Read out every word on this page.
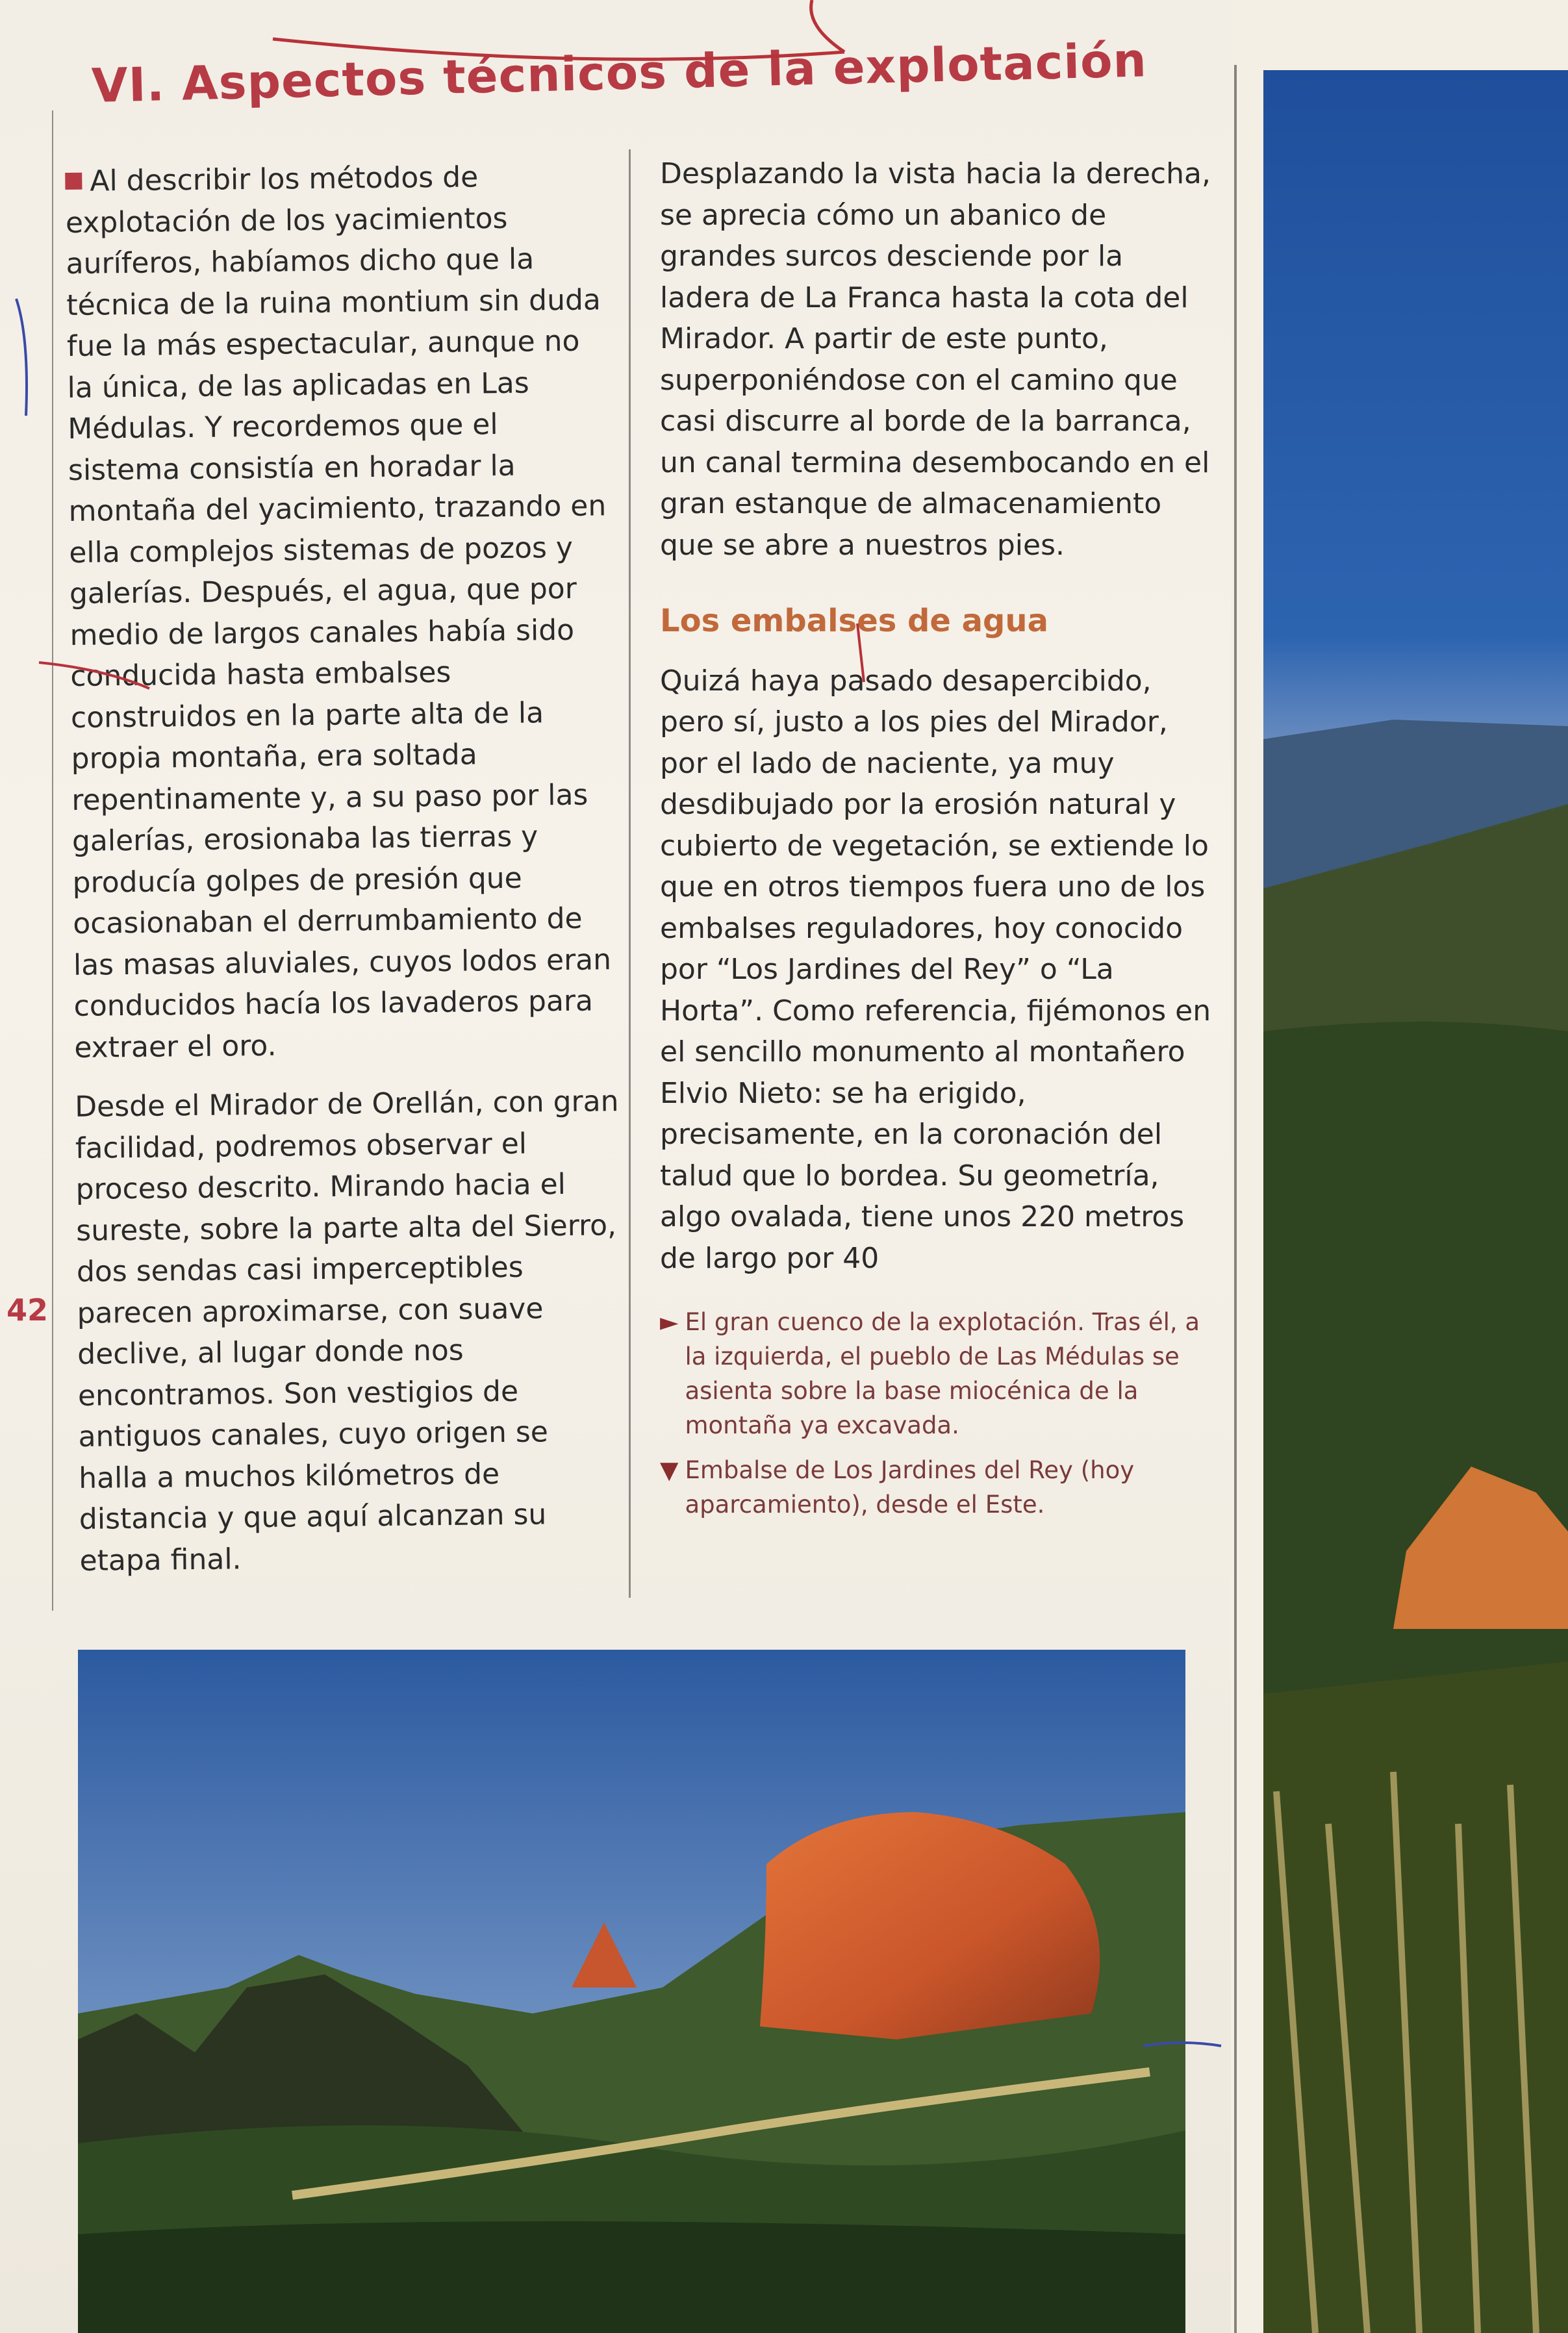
VI. Aspectos técnicos de la explotación
42

Al describir los métodos de explotación de los yacimientos auríferos, habíamos dicho que la técnica de la ruina montium sin duda fue la más espectacular, aunque no la única, de las aplicadas en Las Médulas. Y recordemos que el sistema consistía en horadar la montaña del yacimiento, trazando en ella complejos sistemas de pozos y galerías. Después, el agua, que por medio de largos canales había sido conducida hasta embalses construidos en la parte alta de la propia montaña, era soltada repentinamente y, a su paso por las galerías, erosionaba las tierras y producía golpes de presión que ocasionaban el derrumbamiento de las masas aluviales, cuyos lodos eran conducidos hacía los lavaderos para extraer el oro.

Desde el Mirador de Orellán, con gran facilidad, podremos observar el proceso descrito. Mirando hacia el sureste, sobre la parte alta del Sierro, dos sendas casi imperceptibles parecen aproximarse, con suave declive, al lugar donde nos encontramos. Son vestigios de antiguos canales, cuyo origen se halla a muchos kilómetros de distancia y que aquí alcanzan su etapa final.

Desplazando la vista hacia la derecha, se aprecia cómo un abanico de grandes surcos desciende por la ladera de La Franca hasta la cota del Mirador. A partir de este punto, superponiéndose con el camino que casi discurre al borde de la barranca, un canal termina desembocando en el gran estanque de almacenamiento que se abre a nuestros pies.

Los embalses de agua

Quizá haya pasado desapercibido, pero sí, justo a los pies del Mirador, por el lado de naciente, ya muy desdibujado por la erosión natural y cubierto de vegetación, se extiende lo que en otros tiempos fuera uno de los embalses reguladores, hoy conocido por “Los Jardines del Rey” o “La Horta”. Como referencia, fijémonos en el sencillo monumento al montañero Elvio Nieto: se ha erigido, precisamente, en la coronación del talud que lo bordea. Su geometría, algo ovalada, tiene unos 220 metros de largo por 40

► El gran cuenco de la explotación. Tras él, a la izquierda, el pueblo de Las Médulas se asienta sobre la base miocénica de la montaña ya excavada.
▼ Embalse de Los Jardines del Rey (hoy aparcamiento), desde el Este.
